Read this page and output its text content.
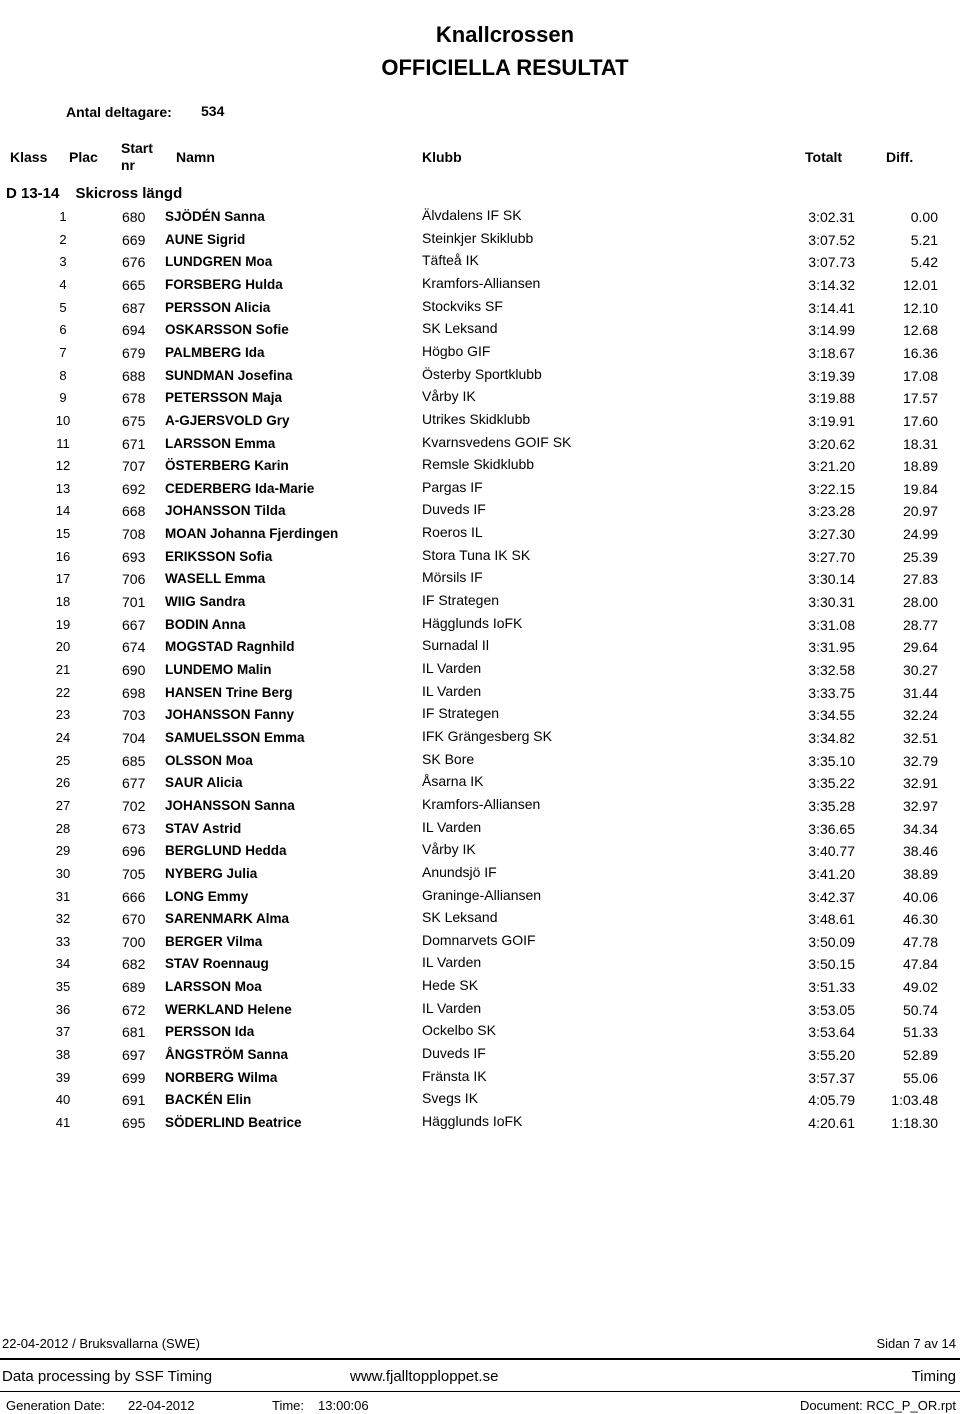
Knallcrossen
OFFICIELLA RESULTAT
Antal deltagare: 534
Klass Plac
Start
nr	Namn	Klubb	Totalt	Diff.
D 13-14 Skicross längd
1	680 SJÖDÉN Sanna	Älvdalens IF SK	3:02.31	0.00
2	669 AUNE Sigrid	Steinkjer Skiklubb	3:07.52	5.21
3	676 LUNDGREN Moa	Täfteå IK	3:07.73	5.42
4	665 FORSBERG Hulda	Kramfors-Alliansen	3:14.32	12.01
5	687 PERSSON Alicia	Stockviks SF	3:14.41	12.10
6	694 OSKARSSON Sofie	SK Leksand	3:14.99	12.68
7	679 PALMBERG Ida	Högbo GIF	3:18.67	16.36
8	688 SUNDMAN Josefina	Österby Sportklubb	3:19.39	17.08
9	678 PETERSSON Maja	Vårby IK	3:19.88	17.57
10	675 A-GJERSVOLD Gry	Utrikes Skidklubb	3:19.91	17.60
11	671 LARSSON Emma	Kvarnsvedens GOIF SK	3:20.62	18.31
12	707 ÖSTERBERG Karin	Remsle Skidklubb	3:21.20	18.89
13	692 CEDERBERG Ida-Marie	Pargas IF	3:22.15	19.84
14	668 JOHANSSON Tilda	Duveds IF	3:23.28	20.97
15	708 MOAN Johanna Fjerdingen	Roeros IL	3:27.30	24.99
16	693 ERIKSSON Sofia	Stora Tuna IK SK	3:27.70	25.39
17	706 WASELL Emma	Mörsils IF	3:30.14	27.83
18	701 WIIG Sandra	IF Strategen	3:30.31	28.00
19	667 BODIN Anna	Hägglunds IoFK	3:31.08	28.77
20	674 MOGSTAD Ragnhild	Surnadal Il	3:31.95	29.64
21	690 LUNDEMO Malin	IL Varden	3:32.58	30.27
22	698 HANSEN Trine Berg	IL Varden	3:33.75	31.44
23	703 JOHANSSON Fanny	IF Strategen	3:34.55	32.24
24	704 SAMUELSSON Emma	IFK Grängesberg SK	3:34.82	32.51
25	685 OLSSON Moa	SK Bore	3:35.10	32.79
26	677 SAUR Alicia	Åsarna IK	3:35.22	32.91
27	702 JOHANSSON Sanna	Kramfors-Alliansen	3:35.28	32.97
28	673 STAV Astrid	IL Varden	3:36.65	34.34
29	696 BERGLUND Hedda	Vårby IK	3:40.77	38.46
30	705 NYBERG Julia	Anundsjö IF	3:41.20	38.89
31	666 LONG Emmy	Graninge-Alliansen	3:42.37	40.06
32	670 SARENMARK Alma	SK Leksand	3:48.61	46.30
33	700 BERGER Vilma	Domnarvets GOIF	3:50.09	47.78
34	682 STAV Roennaug	IL Varden	3:50.15	47.84
35	689 LARSSON Moa	Hede SK	3:51.33	49.02
36	672 WERKLAND Helene	IL Varden	3:53.05	50.74
37	681 PERSSON Ida	Ockelbo SK	3:53.64	51.33
38	697 ÅNGSTRÖM Sanna	Duveds IF	3:55.20	52.89
39	699 NORBERG Wilma	Fränsta IK	3:57.37	55.06
40	691 BACKÉN Elin	Svegs IK	4:05.79	1:03.48
41	695 SÖDERLIND Beatrice	Hägglunds IoFK	4:20.61	1:18.30
22-04-2012 / Bruksvallarna (SWE)	Sidan 7 av 14
Data processing by SSF Timing	www.fjalltopploppet.se	Timing
Generation Date: 22-04-2012	Time: 13:00:06	Document: RCC_P_OR.rpt
